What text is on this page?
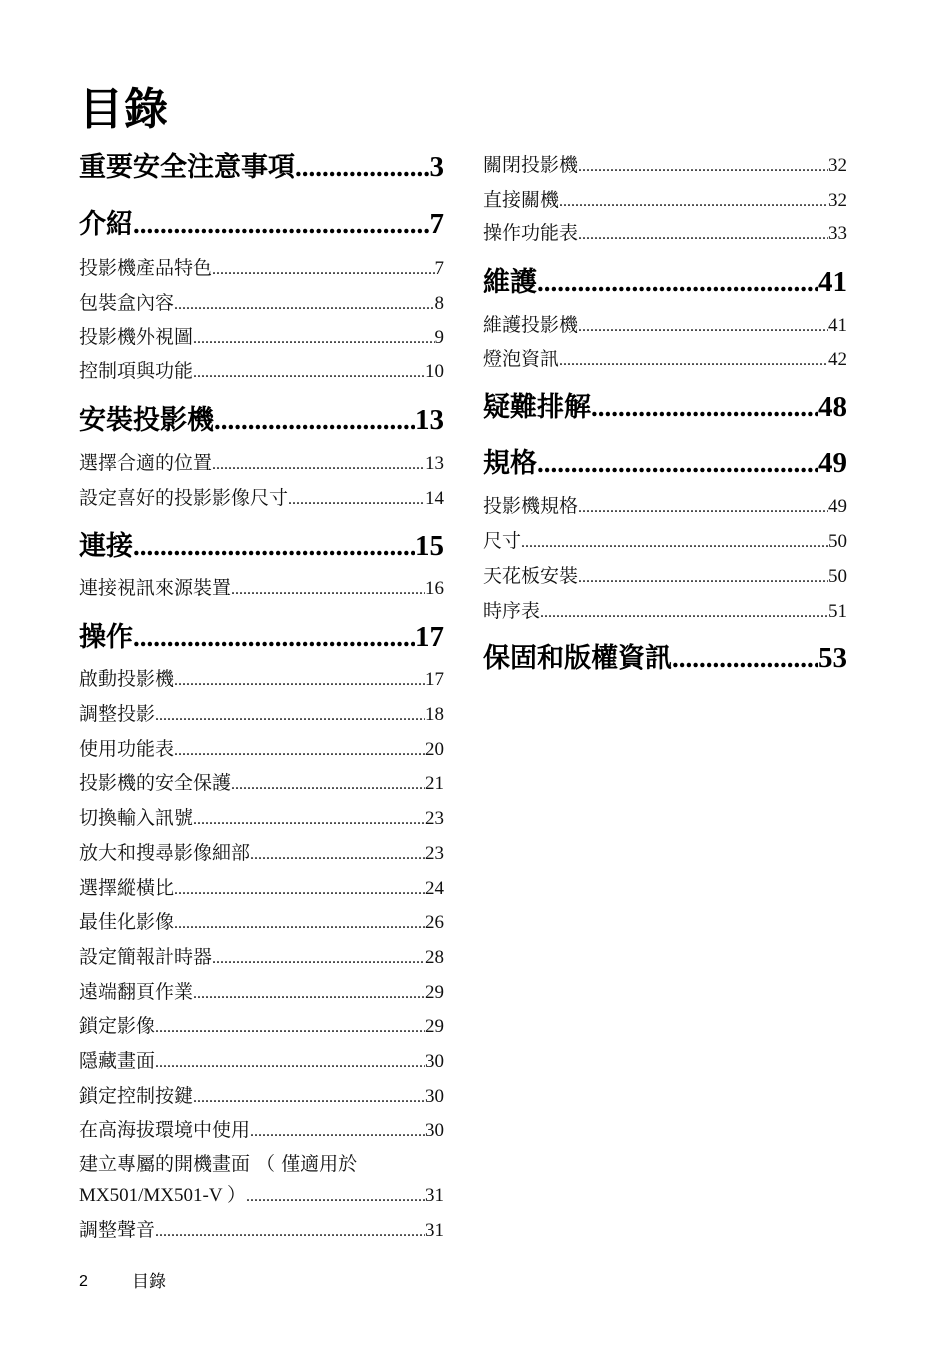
目錄
重要安全注意事項 .....	3
介紹 .....	7
投影機產品特色 .....	7
包裝盒內容 .....	8
投影機外視圖 .....	9
控制項與功能 .....	10
安裝投影機 .....	13
選擇合適的位置 .....	13
設定喜好的投影影像尺寸 .....	14
連接 .....	15
連接視訊來源裝置 .....	16
操作 .....	17
啟動投影機 .....	17
調整投影 .....	18
使用功能表 .....	20
投影機的安全保護 .....	21
切換輸入訊號 .....	23
放大和搜尋影像細部 .....	23
選擇縱橫比 .....	24
最佳化影像 .....	26
設定簡報計時器 .....	28
遠端翻頁作業 .....	29
鎖定影像 .....	29
隱藏畫面 .....	30
鎖定控制按鍵 .....	30
在高海拔環境中使用 .....	30
建立專屬的開機畫面 （ 僅適用於
MX501/MX501-V ） .....	31
調整聲音 .....	31
關閉投影機 .....	32
直接關機 .....	32
操作功能表 .....	33
維護 .....	41
維護投影機 .....	41
燈泡資訊 .....	42
疑難排解 .....	48
規格 .....	49
投影機規格 .....	49
尺寸 .....	50
天花板安裝 .....	50
時序表 .....	51
保固和版權資訊 .....	53
2	目錄
